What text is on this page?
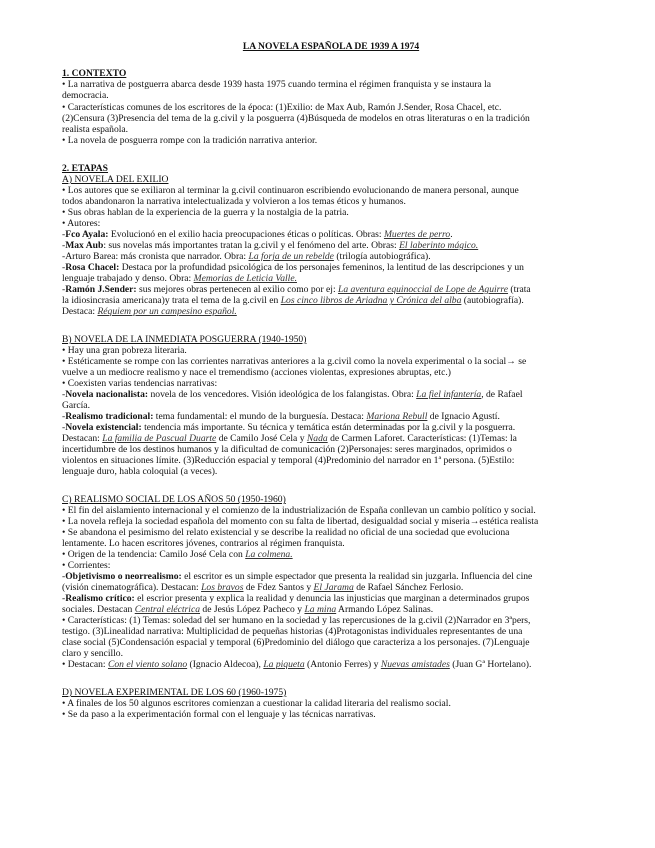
LA NOVELA ESPAÑOLA DE 1939 A 1974
1. CONTEXTO
• La narrativa de postguerra abarca desde 1939 hasta 1975 cuando termina el régimen franquista y se instaura la
democracia.
• Características comunes de los escritores de la época: (1)Exilio: de Max Aub, Ramón J.Sender, Rosa Chacel, etc.
(2)Censura (3)Presencia del tema de la g.civil y la posguerra (4)Búsqueda de modelos en otras literaturas o en la tradición
realista española.
• La novela de posguerra rompe con la tradición narrativa anterior.
2. ETAPAS
A) NOVELA DEL EXILIO
• Los autores que se exiliaron al terminar la g.civil continuaron escribiendo evolucionando de manera personal, aunque
todos abandonaron la narrativa intelectualizada y volvieron a los temas éticos y humanos.
• Sus obras hablan de la experiencia de la guerra y la nostalgia de la patria.
• Autores:
-Fco Ayala: Evolucionó en el exilio hacia preocupaciones éticas o políticas. Obras: Muertes de perro.
-Max Aub: sus novelas más importantes tratan la g.civil y el fenómeno del arte. Obras: El laberinto mágico.
-Arturo Barea: más cronista que narrador. Obra: La forja de un rebelde (trilogía autobiográfica).
-Rosa Chacel: Destaca por la profundidad psicológica de los personajes femeninos, la lentitud de las descripciones y un
lenguaje trabajado y denso. Obra: Memorias de Leticia Valle.
-Ramón J.Sender: sus mejores obras pertenecen al exilio como por ej: La aventura equinoccial de Lope de Aguirre (trata
la idiosincrasia americana)y trata el tema de la g.civil en Los cinco libros de Ariadna y Crónica del alba (autobiografía).
Destaca: Réquiem por un campesino español.
B) NOVELA DE LA INMEDIATA POSGUERRA (1940-1950)
• Hay una gran pobreza literaria.
• Estéticamente se rompe con las corrientes narrativas anteriores a la g.civil como la novela experimental o la social→ se
vuelve a un mediocre realismo y nace el tremendismo (acciones violentas, expresiones abruptas, etc.)
• Coexisten varias tendencias narrativas:
-Novela nacionalista: novela de los vencedores. Visión ideológica de los falangistas. Obra: La fiel infantería, de Rafael
García.
-Realismo tradicional: tema fundamental: el mundo de la burguesía. Destaca: Mariona Rebull de Ignacio Agustí.
-Novela existencial: tendencia más importante. Su técnica y temática están determinadas por la g.civil y la posguerra.
Destacan: La familia de Pascual Duarte de Camilo José Cela y Nada de Carmen Laforet. Características: (1)Temas: la
incertidumbre de los destinos humanos y la dificultad de comunicación (2)Personajes: seres marginados, oprimidos o
violentos en situaciones límite. (3)Reducción espacial y temporal (4)Predominio del narrador en 1ª persona. (5)Estilo:
lenguaje duro, habla coloquial (a veces).
C) REALISMO SOCIAL DE LOS AÑOS 50 (1950-1960)
• El fin del aislamiento internacional y el comienzo de la industrialización de España conllevan un cambio político y social.
• La novela refleja la sociedad española del momento con su falta de libertad, desigualdad social y miseria→estética realista
• Se abandona el pesimismo del relato existencial y se describe la realidad no oficial de una sociedad que evoluciona
lentamente. Lo hacen escritores jóvenes, contrarios al régimen franquista.
• Origen de la tendencia: Camilo José Cela con La colmena.
• Corrientes:
-Objetivismo o neorrealismo: el escritor es un simple espectador que presenta la realidad sin juzgarla. Influencia del cine
(visión cinematográfica). Destacan: Los bravos de Fdez Santos y El Jarama de Rafael Sánchez Ferlosio.
-Realismo crítico: el escrior presenta y explica la realidad y denuncia las injusticias que marginan a determinados grupos
sociales. Destacan Central eléctrica de Jesús López Pacheco y La mina Armando López Salinas.
• Características: (1) Temas: soledad del ser humano en la sociedad y las repercusiones de la g.civil (2)Narrador en 3ªpers,
testigo. (3)Linealidad narrativa: Multiplicidad de pequeñas historias (4)Protagonistas individuales representantes de una
clase social (5)Condensación espacial y temporal (6)Predominio del diálogo que caracteriza a los personajes. (7)Lenguaje
claro y sencillo.
• Destacan: Con el viento solano (Ignacio Aldecoa), La piqueta (Antonio Ferres) y Nuevas amistades (Juan Gª Hortelano).
D) NOVELA EXPERIMENTAL DE LOS 60 (1960-1975)
• A finales de los 50 algunos escritores comienzan a cuestionar la calidad literaria del realismo social.
• Se da paso a la experimentación formal con el lenguaje y las técnicas narrativas.
